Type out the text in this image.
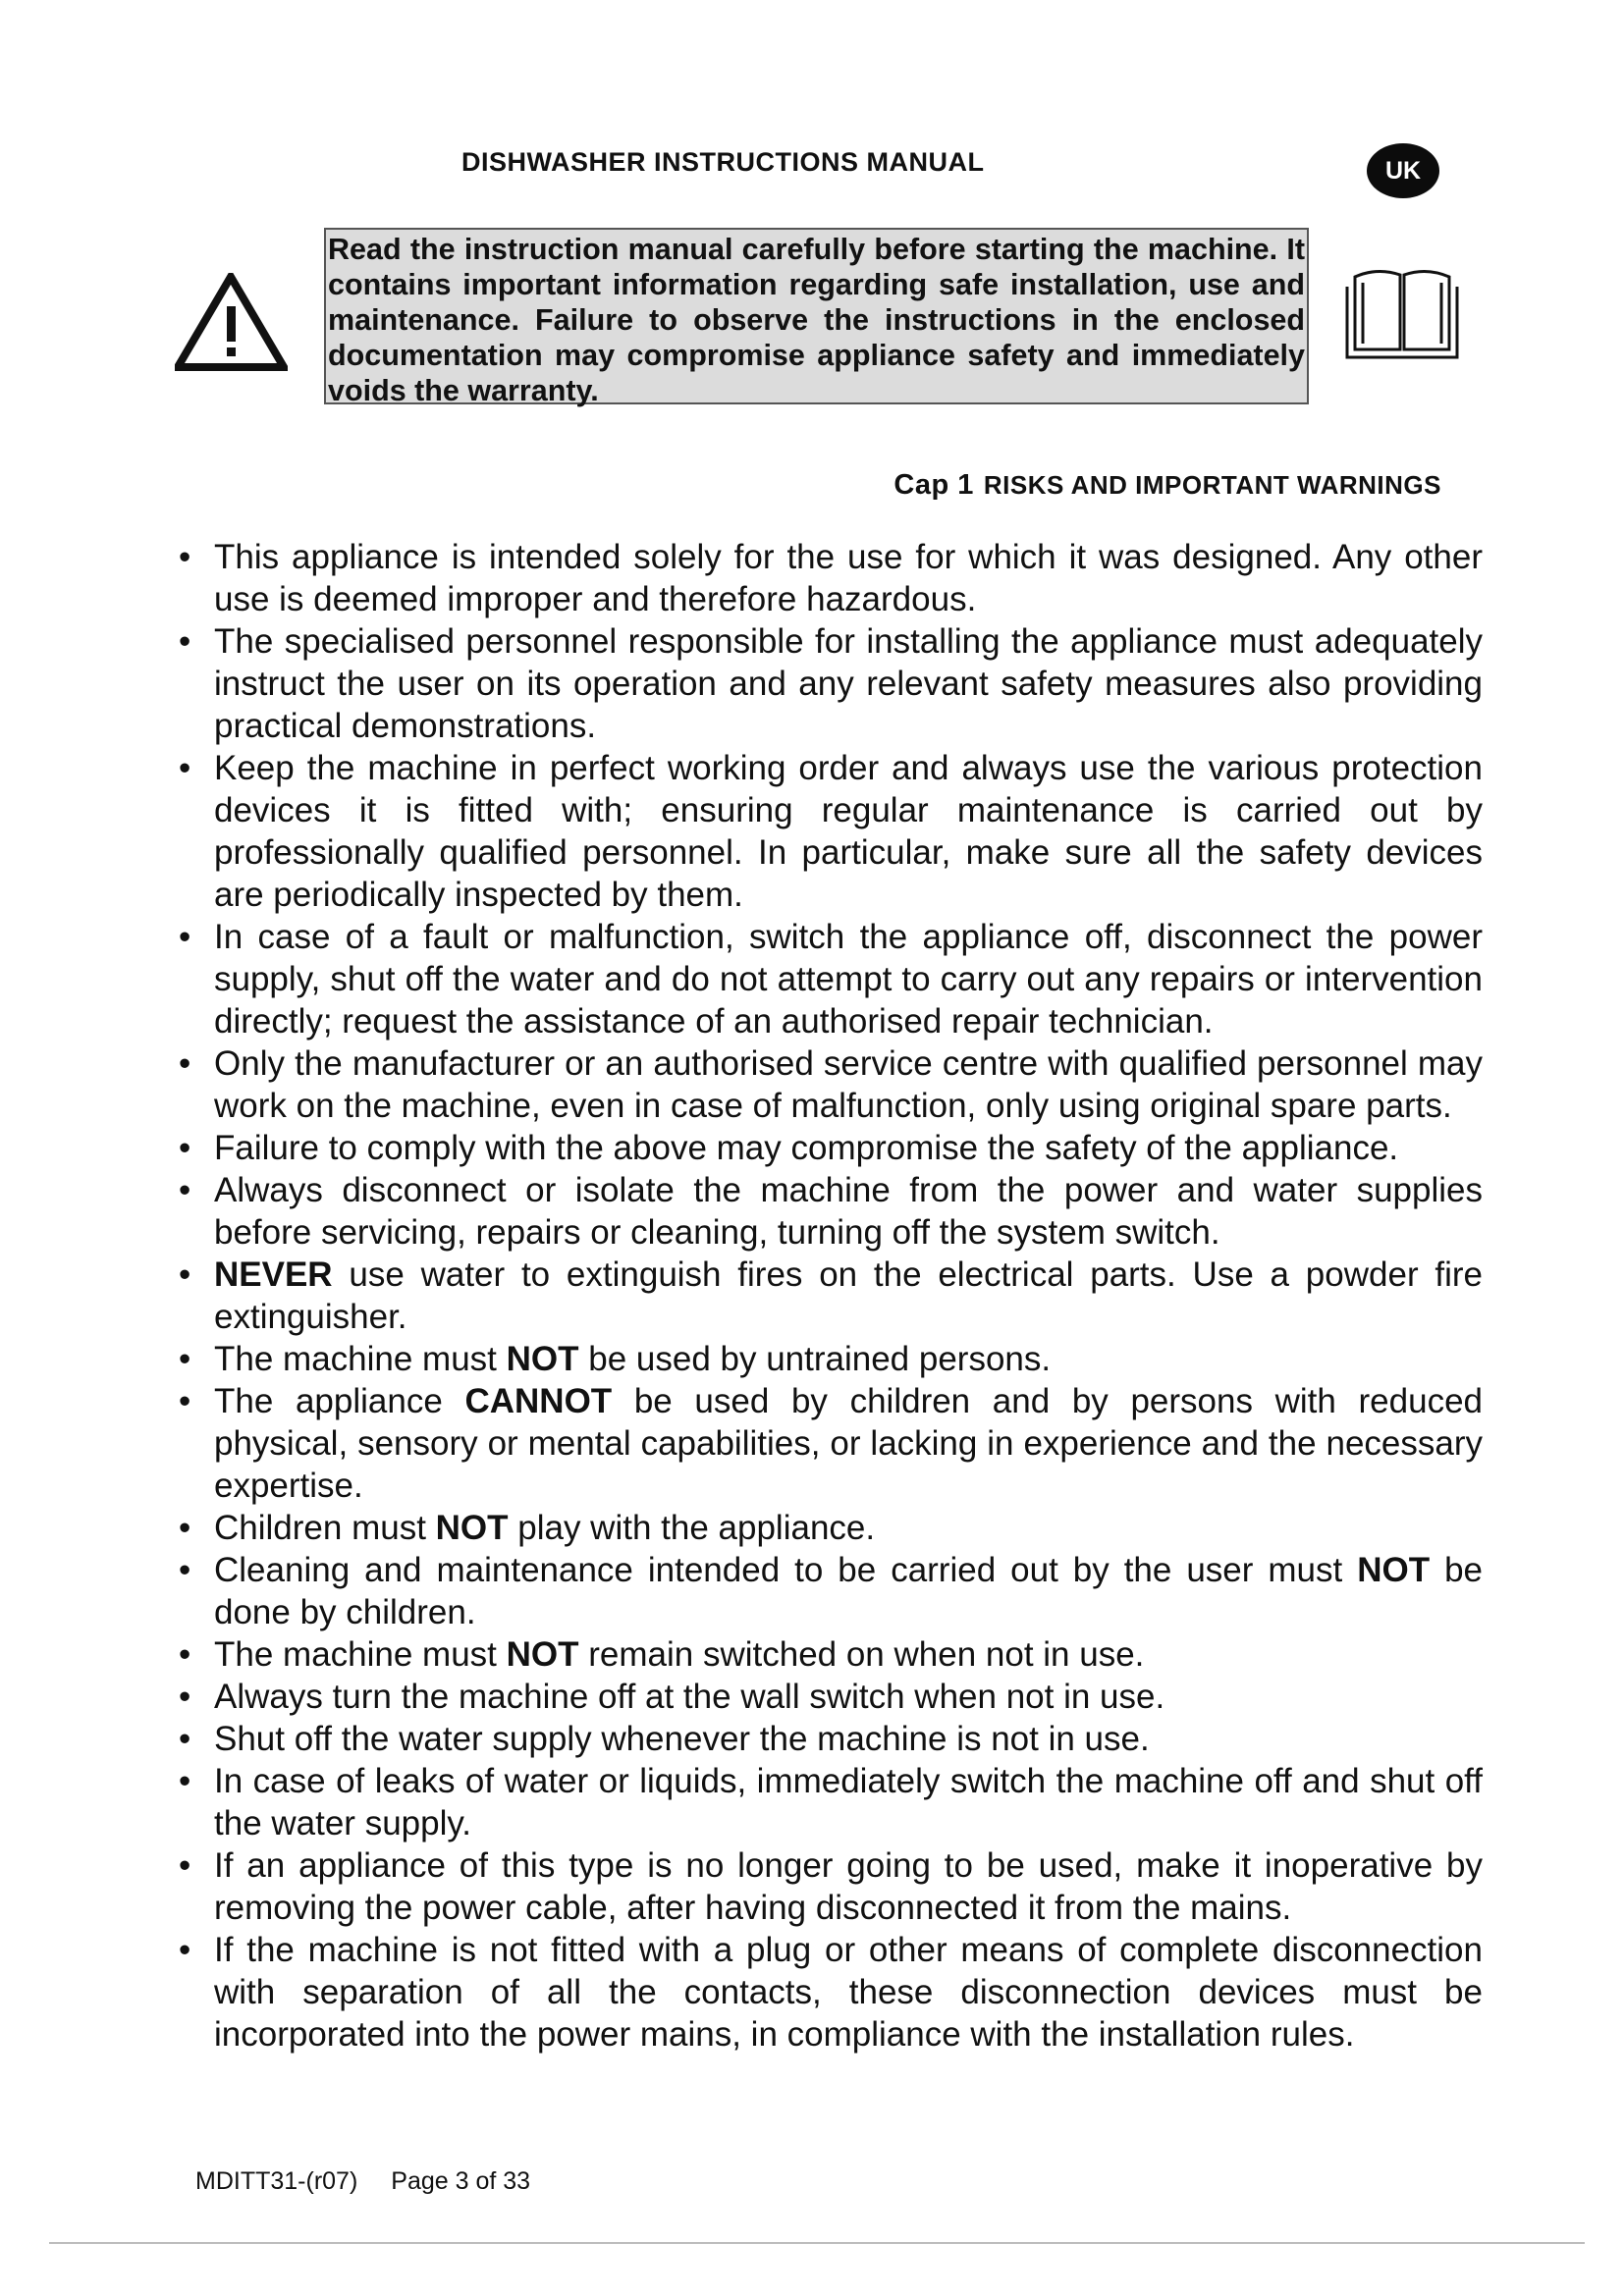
DISHWASHER INSTRUCTIONS MANUAL	UK
Read the instruction manual carefully before starting the machine. It contains important information regarding safe installation, use and maintenance. Failure to observe the instructions in the enclosed documentation may compromise appliance safety and immediately voids the warranty.
Cap 1 RISKS AND IMPORTANT WARNINGS
• This appliance is intended solely for the use for which it was designed. Any other use is deemed improper and therefore hazardous.
• The specialised personnel responsible for installing the appliance must adequately instruct the user on its operation and any relevant safety measures also providing practical demonstrations.
• Keep the machine in perfect working order and always use the various protection devices it is fitted with; ensuring regular maintenance is carried out by professionally qualified personnel. In particular, make sure all the safety devices are periodically inspected by them.
• In case of a fault or malfunction, switch the appliance off, disconnect the power supply, shut off the water and do not attempt to carry out any repairs or intervention directly; request the assistance of an authorised repair technician.
• Only the manufacturer or an authorised service centre with qualified personnel may work on the machine, even in case of malfunction, only using original spare parts.
• Failure to comply with the above may compromise the safety of the appliance.
• Always disconnect or isolate the machine from the power and water supplies before servicing, repairs or cleaning, turning off the system switch.
• NEVER use water to extinguish fires on the electrical parts. Use a powder fire extinguisher.
• The machine must NOT be used by untrained persons.
• The appliance CANNOT be used by children and by persons with reduced physical, sensory or mental capabilities, or lacking in experience and the necessary expertise.
• Children must NOT play with the appliance.
• Cleaning and maintenance intended to be carried out by the user must NOT be done by children.
• The machine must NOT remain switched on when not in use.
• Always turn the machine off at the wall switch when not in use.
• Shut off the water supply whenever the machine is not in use.
• In case of leaks of water or liquids, immediately switch the machine off and shut off the water supply.
• If an appliance of this type is no longer going to be used, make it inoperative by removing the power cable, after having disconnected it from the mains.
• If the machine is not fitted with a plug or other means of complete disconnection with separation of all the contacts, these disconnection devices must be incorporated into the power mains, in compliance with the installation rules.
MDITT31-(r07) Page 3 of 33
